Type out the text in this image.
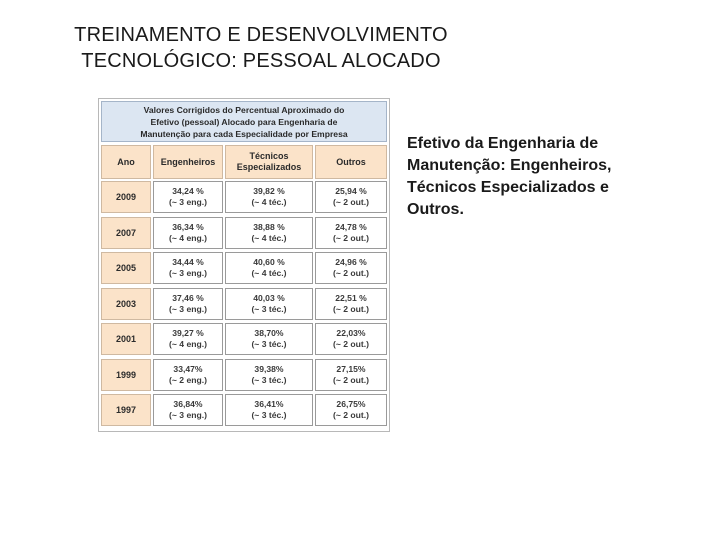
TREINAMENTO E DESENVOLVIMENTO
TECNOLÓGICO: PESSOAL ALOCADO
Valores Corrigidos do Percentual Aproximado do
Efetivo (pessoal) Alocado para Engenharia de
Manutenção para cada Especialidade por Empresa
Ano	Engenheiros
Técnicos
Especializados
Outros
2009
34,24 %
(~ 3 eng.)
39,82 %
(~ 4 téc.)
25,94 %
(~ 2 out.)
2007
36,34 %
(~ 4 eng.)
38,88 %
(~ 4 téc.)
24,78 %
(~ 2 out.)
2005
34,44 %
(~ 3 eng.)
40,60 %
(~ 4 téc.)
24,96 %
(~ 2 out.)
2003
37,46 %
(~ 3 eng.)
40,03 %
(~ 3 téc.)
22,51 %
(~ 2 out.)
2001
39,27 %
(~ 4 eng.)
38,70%
(~ 3 téc.)
22,03%
(~ 2 out.)
1999
33,47%
(~ 2 eng.)
39,38%
(~ 3 téc.)
27,15%
(~ 2 out.)
1997
36,84%
(~ 3 eng.)
36,41%
(~ 3 téc.)
26,75%
(~ 2 out.)
Efetivo da Engenharia de
Manutenção: Engenheiros,
Técnicos Especializados e
Outros.
